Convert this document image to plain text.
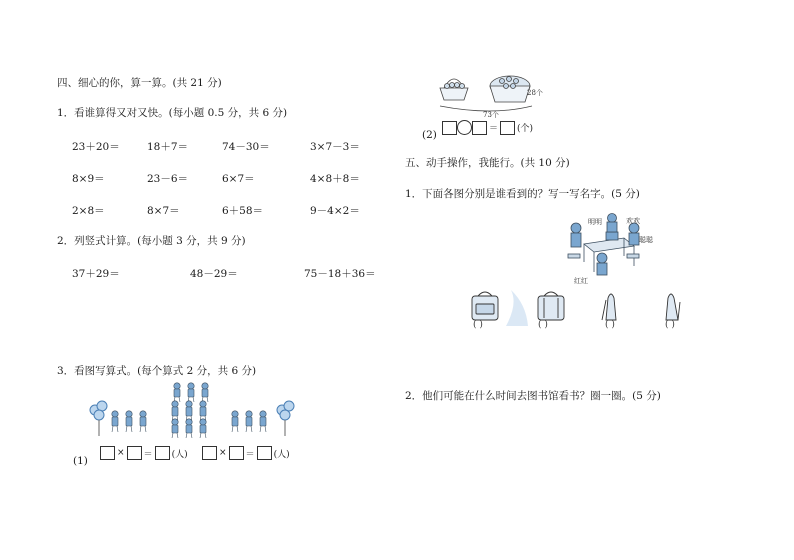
四、细心的你，算一算。(共 21 分)
1．看谁算得又对又快。(每小题 0.5 分，共 6 分)
23＋20＝	18＋7＝	74－30＝	3×7－3＝
8×9＝	23－6＝	6×7＝	4×8＋8＝
2×8＝	8×7＝	6＋58＝	9－4×2＝
2．列竖式计算。(每小题 3 分，共 9 分)
37＋29＝	48－29＝	75－18＋36＝
3．看图写算式。(每个算式 2 分，共 6 分)
(1)
× ＝ (人)	× ＝ (人)
28个
73个
(2)	＝ (个)
五、动手操作，我能行。(共 10 分)
1．下面各图分别是谁看到的？写一写名字。(5 分)
明明	欢欢
聪聪
红红
( )	( )	( )	( )
2．他们可能在什么时间去图书馆看书？圈一圈。(5 分)
